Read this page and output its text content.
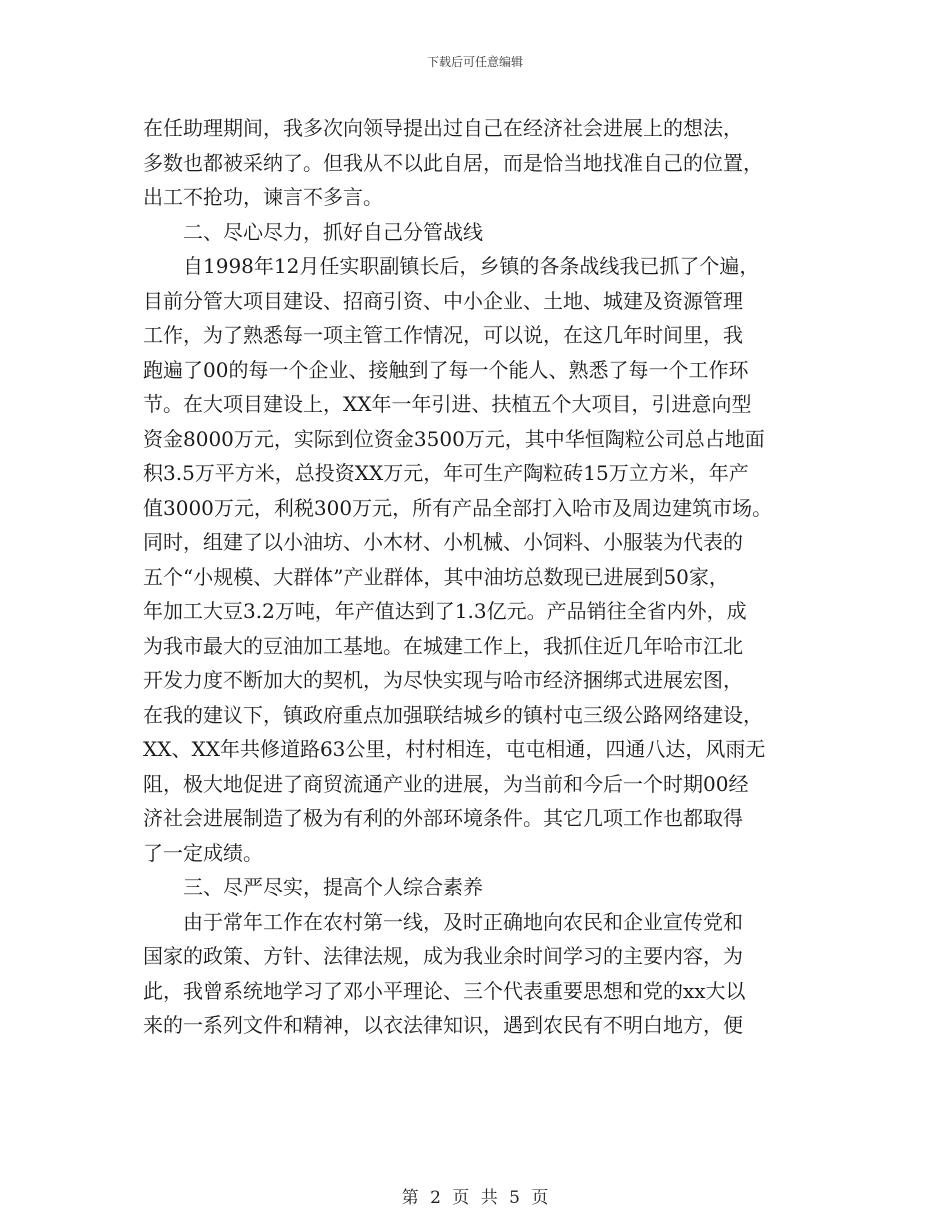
下载后可任意编辑
在任助理期间，我多次向领导提出过自己在经济社会进展上的想法，
多数也都被采纳了。但我从不以此自居，而是恰当地找准自己的位置，
出工不抢功，谏言不多言。
二、尽心尽力，抓好自己分管战线
自1998年12月任实职副镇长后，乡镇的各条战线我已抓了个遍，
目前分管大项目建设、招商引资、中小企业、土地、城建及资源管理
工作，为了熟悉每一项主管工作情况，可以说，在这几年时间里，我
跑遍了00的每一个企业、接触到了每一个能人、熟悉了每一个工作环
节。在大项目建设上，XX年一年引进、扶植五个大项目，引进意向型
资金8000万元，实际到位资金3500万元，其中华恒陶粒公司总占地面
积3.5万平方米，总投资XX万元，年可生产陶粒砖15万立方米，年产
值3000万元，利税300万元，所有产品全部打入哈市及周边建筑市场。
同时，组建了以小油坊、小木材、小机械、小饲料、小服装为代表的
五个“小规模、大群体”产业群体，其中油坊总数现已进展到50家，
年加工大豆3.2万吨，年产值达到了1.3亿元。产品销往全省内外，成
为我市最大的豆油加工基地。在城建工作上，我抓住近几年哈市江北
开发力度不断加大的契机，为尽快实现与哈市经济捆绑式进展宏图，
在我的建议下，镇政府重点加强联结城乡的镇村屯三级公路网络建设，
XX、XX年共修道路63公里，村村相连，屯屯相通，四通八达，风雨无
阻，极大地促进了商贸流通产业的进展，为当前和今后一个时期00经
济社会进展制造了极为有利的外部环境条件。其它几项工作也都取得
了一定成绩。
三、尽严尽实，提高个人综合素养
由于常年工作在农村第一线，及时正确地向农民和企业宣传党和
国家的政策、方针、法律法规，成为我业余时间学习的主要内容，为
此，我曾系统地学习了邓小平理论、三个代表重要思想和党的xx大以
来的一系列文件和精神，以衣法律知识，遇到农民有不明白地方，便
第 2 页 共 5 页
